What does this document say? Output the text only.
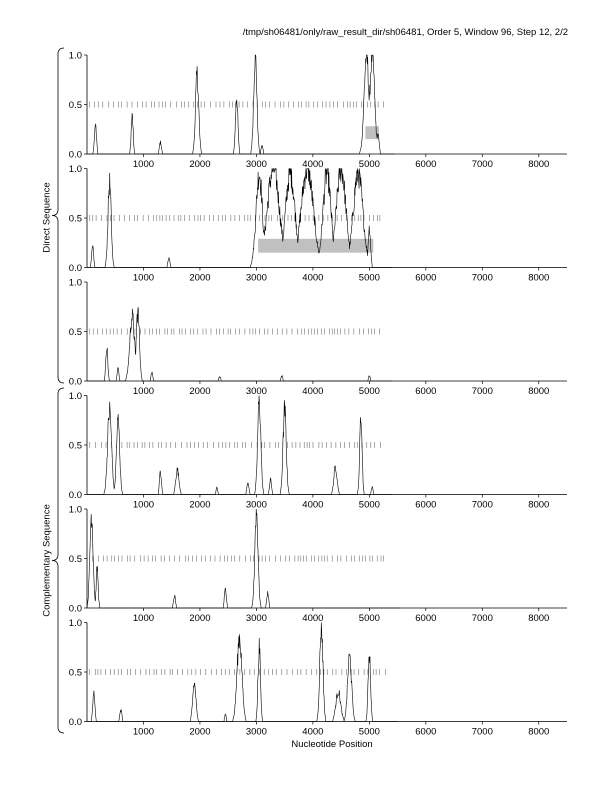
/tmp/sh06481/only/raw_result_dir/sh06481, Order 5, Window 96, Step 12, 2/2
0.0
0.5
1.0
1000	2000	3000	4000	5000	6000	7000	8000
0.0
0.5
1.0
1000	2000	3000	4000	5000	6000	7000	8000
0.0
0.5
1.0
1000	2000	3000	4000	5000	6000	7000	8000
0.0
0.5
1.0
1000	2000	3000	4000	5000	6000	7000	8000
0.0
0.5
1.0
1000	2000	3000	4000	5000	6000	7000	8000
0.0
0.5
1.0
1000	2000	3000	4000	5000	6000	7000	8000
Direct Sequence
Complementary Sequence
Nucleotide Position
